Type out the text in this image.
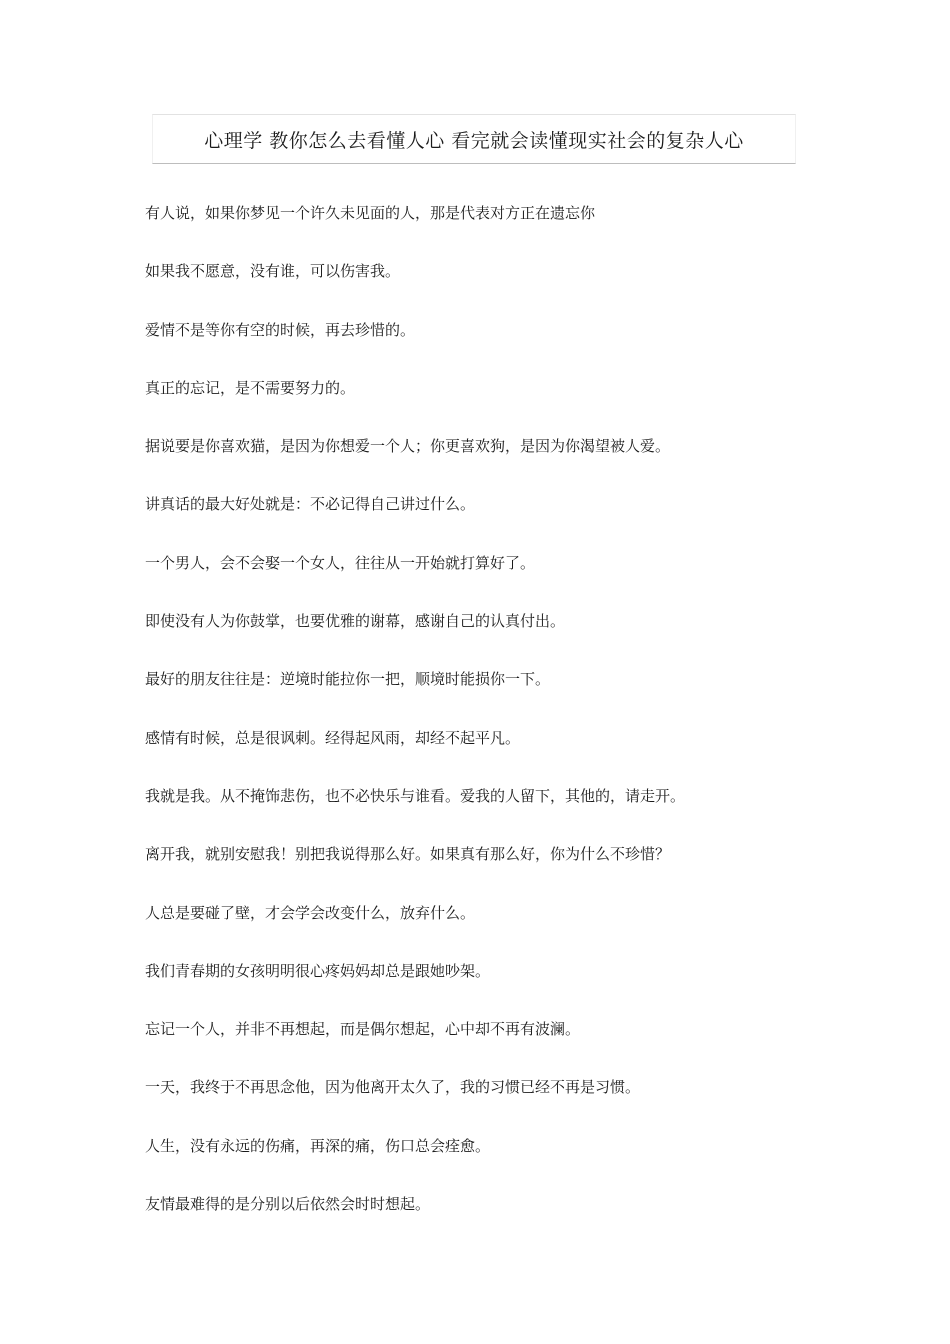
心理学 教你怎么去看懂人心 看完就会读懂现实社会的复杂人心
有人说，如果你梦见一个许久未见面的人，那是代表对方正在遗忘你
如果我不愿意，没有谁，可以伤害我。
爱情不是等你有空的时候，再去珍惜的。
真正的忘记，是不需要努力的。
据说要是你喜欢猫，是因为你想爱一个人；你更喜欢狗，是因为你渴望被人爱。
讲真话的最大好处就是：不必记得自己讲过什么。
一个男人，会不会娶一个女人，往往从一开始就打算好了。
即使没有人为你鼓掌，也要优雅的谢幕，感谢自己的认真付出。
最好的朋友往往是：逆境时能拉你一把，顺境时能损你一下。
感情有时候，总是很讽刺。经得起风雨，却经不起平凡。
我就是我。从不掩饰悲伤，也不必快乐与谁看。爱我的人留下，其他的，请走开。
离开我，就别安慰我！别把我说得那么好。如果真有那么好，你为什么不珍惜？
人总是要碰了壁，才会学会改变什么，放弃什么。
我们青春期的女孩明明很心疼妈妈却总是跟她吵架。
忘记一个人，并非不再想起，而是偶尔想起，心中却不再有波澜。
一天，我终于不再思念他，因为他离开太久了，我的习惯已经不再是习惯。
人生，没有永远的伤痛，再深的痛，伤口总会痊愈。
友情最难得的是分别以后依然会时时想起。
